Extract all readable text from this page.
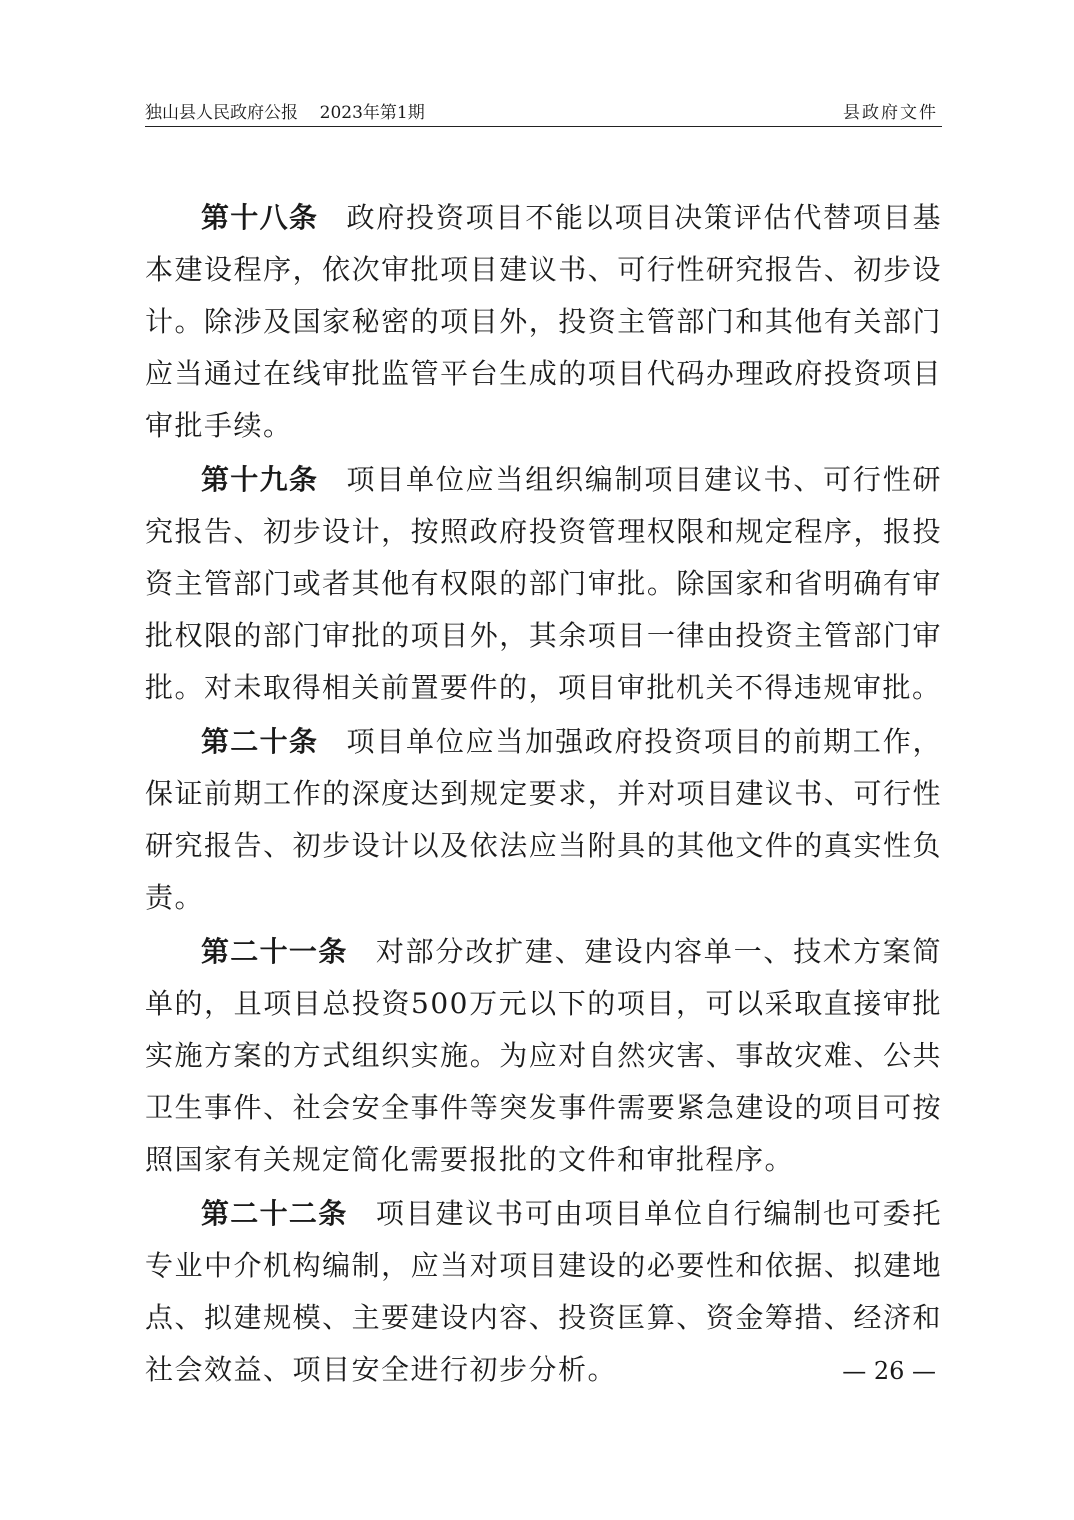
独山县人民政府公报 2023年第1期	县政府文件

第十八条 政府投资项目不能以项目决策评估代替项目基本建设程序，依次审批项目建议书、可行性研究报告、初步设计。除涉及国家秘密的项目外，投资主管部门和其他有关部门应当通过在线审批监管平台生成的项目代码办理政府投资项目审批手续。

第十九条 项目单位应当组织编制项目建议书、可行性研究报告、初步设计，按照政府投资管理权限和规定程序，报投资主管部门或者其他有权限的部门审批。除国家和省明确有审批权限的部门审批的项目外，其余项目一律由投资主管部门审批。对未取得相关前置要件的，项目审批机关不得违规审批。

第二十条 项目单位应当加强政府投资项目的前期工作，保证前期工作的深度达到规定要求，并对项目建议书、可行性研究报告、初步设计以及依法应当附具的其他文件的真实性负责。

第二十一条 对部分改扩建、建设内容单一、技术方案简单的，且项目总投资500万元以下的项目，可以采取直接审批实施方案的方式组织实施。为应对自然灾害、事故灾难、公共卫生事件、社会安全事件等突发事件需要紧急建设的项目可按照国家有关规定简化需要报批的文件和审批程序。

第二十二条 项目建议书可由项目单位自行编制也可委托专业中介机构编制，应当对项目建设的必要性和依据、拟建地点、拟建规模、主要建设内容、投资匡算、资金筹措、经济和社会效益、项目安全进行初步分析。	— 26 —
